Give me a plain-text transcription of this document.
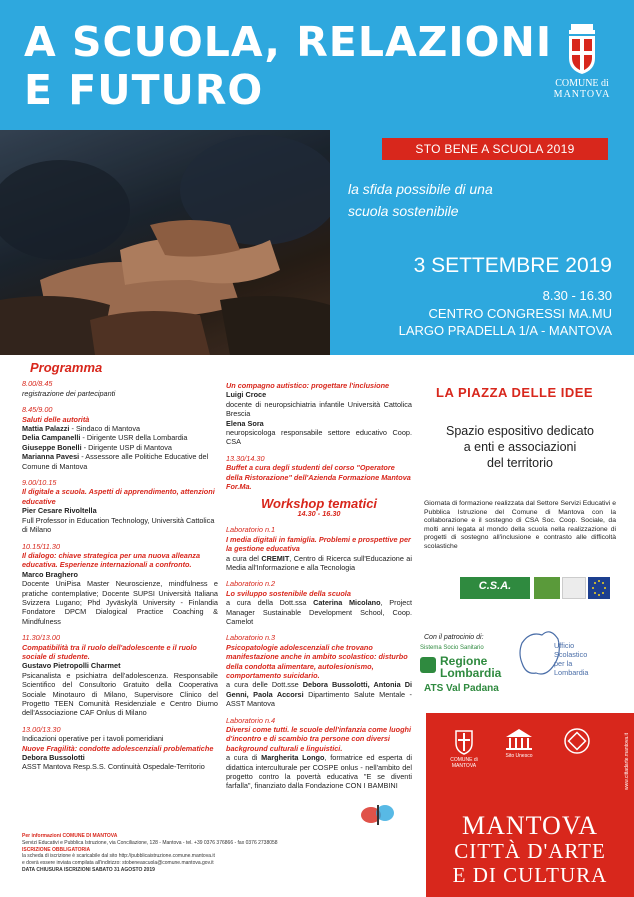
A SCUOLA, RELAZIONI
E FUTURO	COMUNE di
MANTOVA
STO BENE A SCUOLA 2019
la sfida possibile di una
scuola sostenibile
3 SETTEMBRE 2019
8.30 - 16.30
CENTRO CONGRESSI MA.MU
LARGO PRADELLA 1/A - MANTOVA
Programma
8.00/8.45
registrazione dei partecipanti
8.45/9.00
Saluti delle autorità
Mattia Palazzi - Sindaco di Mantova
Delia Campanelli - Dirigente USR della Lombardia
Giuseppe Bonelli - Dirigente USP di Mantova
Marianna Pavesi - Assessore alle Politiche Educative del Comune di Mantova
9.00/10.15
Il digitale a scuola. Aspetti di apprendimento, attenzioni educative
Pier Cesare Rivoltella
Full Professor in Education Technology, Università Cattolica di Milano
10.15/11.30
Il dialogo: chiave strategica per una nuova alleanza educativa. Esperienze internazionali a confronto.
Marco Braghero
Docente UniPisa Master Neuroscienze, mindfulness e pratiche contemplative; Docente SUPSI Università Italiana Svizzera Lugano; Phd Jyväskylä University - Finlandia Fondatore DPCM Dialogical Practice Coaching & Mindfulness
11.30/13.00
Compatibilità tra il ruolo dell'adolescente e il ruolo sociale di studente.
Gustavo Pietropolli Charmet
Psicanalista e psichiatra dell'adolescenza. Responsabile Scientifico del Consultorio Gratuito della Cooperativa Sociale Minotauro di Milano, Supervisore Clinico del Progetto TEEN Comunità Residenziale e Centro Diurno dell'Associazione CAF Onlus di Milano
13.00/13.30
Indicazioni operative per i tavoli pomeridiani
Nuove Fragilità: condotte adolescenziali problematiche
Debora Bussolotti
ASST Mantova Resp.S.S. Continuità Ospedale-Territorio
Un compagno autistico: progettare l'inclusione
Luigi Croce
docente di neuropsichiatria infantile Università Cattolica Brescia
Elena Sora
neuropsicologa responsabile settore educativo Coop. CSA
13.30/14.30
Buffet a cura degli studenti del corso "Operatore della Ristorazione" dell'Azienda Formazione Mantova For.Ma.
Workshop tematici
14.30 - 16.30
Laboratorio n.1
I media digitali in famiglia. Problemi e prospettive per la gestione educativa
a cura del CREMIT, Centro di Ricerca sull'Educazione ai Media all'Informazione e alla Tecnologia
Laboratorio n.2
Lo sviluppo sostenibile della scuola
a cura della Dott.ssa Caterina Micolano, Project Manager Sustainable Development School, Coop. Camelot
Laboratorio n.3
Psicopatologie adolescenziali che trovano manifestazione anche in ambito scolastico: disturbo della condotta alimentare, autolesionismo, comportamento suicidario.
a cura delle Dott.sse Debora Bussolotti, Antonia Di Genni, Paola Accorsi Dipartimento Salute Mentale - ASST Mantova
Laboratorio n.4
Diversi come tutti. le scuole dell'infanzia come luoghi d'incontro e di scambio tra persone con diversi background culturali e linguistici.
a cura di Margherita Longo, formatrice ed esperta di didattica interculturale per COSPE onlus - nell'ambito del progetto contro la povertà educativa "E se diventi farfalla", finanziato dalla Fondazione CON I BAMBINI
LA PIAZZA DELLE IDEE
Spazio espositivo dedicato
a enti e associazioni
del territorio
Giornata di formazione realizzata dal Settore Servizi Educativi e Pubblica Istruzione del Comune di Mantova con la collaborazione e il sostegno di CSA Soc. Coop. Sociale, da molti anni legata al mondo della scuola nella realizzazione di progetti di sostegno all'inclusione e contrasto alle difficoltà scolastiche
C.S.A.
Cooperativa Servizi Assistenziali
Con il patrocinio di:
Sistema Socio Sanitario
Regione
Lombardia
ATS Val Padana
Ufficio
Scolastico
per la
Lombardia
COMUNE di MANTOVA
Sito Unesco	www.cittadarte.mantova.it
MANTOVA
CITTÀ D'ARTE
E DI CULTURA
Per informazioni COMUNE DI MANTOVA
Servizi Educativi e Pubblica Istruzione, via Conciliazione, 128 - Mantova - tel. +39 0376 376866 - fax 0376 2738058
ISCRIZIONE OBBLIGATORIA
la scheda di iscrizione è scaricabile dal sito http://pubblicaistruzione.comune.mantova.it
e dovrà essere inviata compilata all'indirizzo: stobeneascuola@comune.mantova.gov.it
DATA CHIUSURA ISCRIZIONI SABATO 31 AGOSTO 2019
